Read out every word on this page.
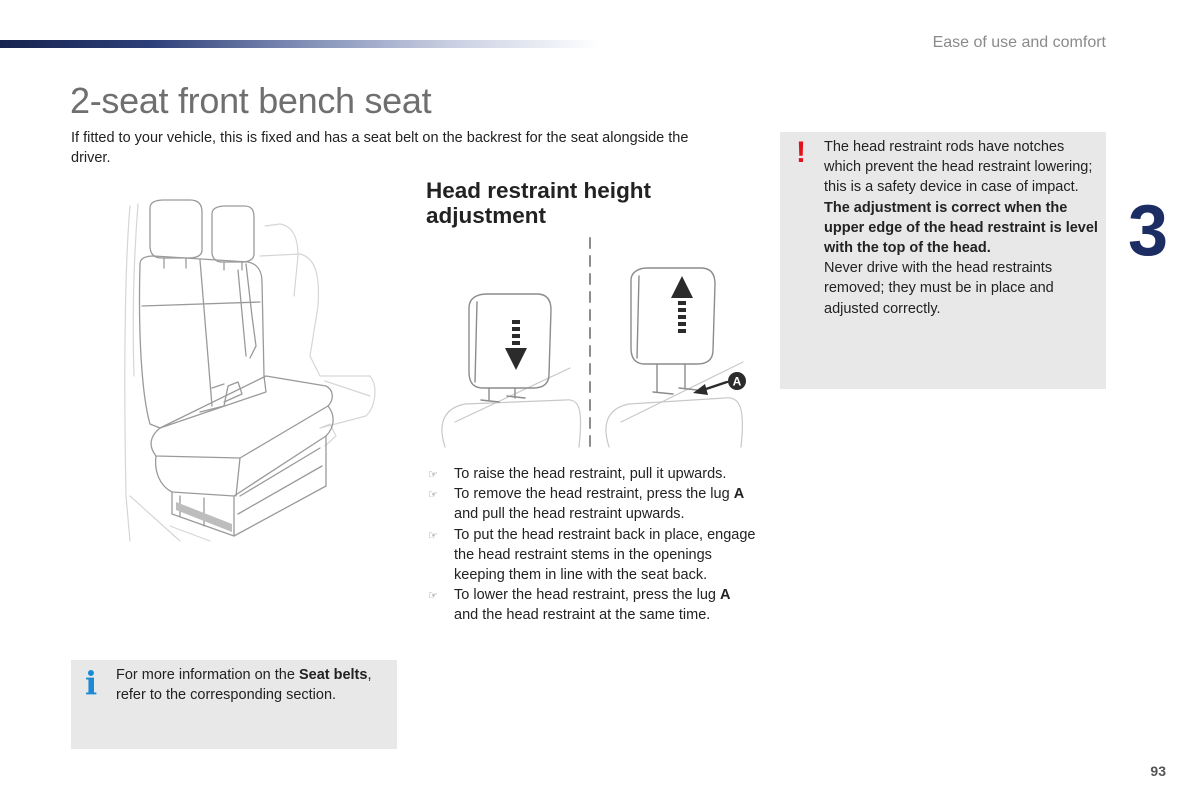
Ease of use and comfort
2-seat front bench seat

If fitted to your vehicle, this is fixed and has a seat belt on the backrest for the seat alongside the driver.

Head restraint height adjustment
A
☞ To raise the head restraint, pull it upwards.
☞ To remove the head restraint, press the lug A and pull the head restraint upwards.
☞ To put the head restraint back in place, engage the head restraint stems in the openings keeping them in line with the seat back.
☞ To lower the head restraint, press the lug A and the head restraint at the same time.
! The head restraint rods have notches which prevent the head restraint lowering; this is a safety device in case of impact.

The adjustment is correct when the upper edge of the head restraint is level with the top of the head.

Never drive with the head restraints removed; they must be in place and adjusted correctly.

3
i For more information on the Seat belts, refer to the corresponding section.
93
